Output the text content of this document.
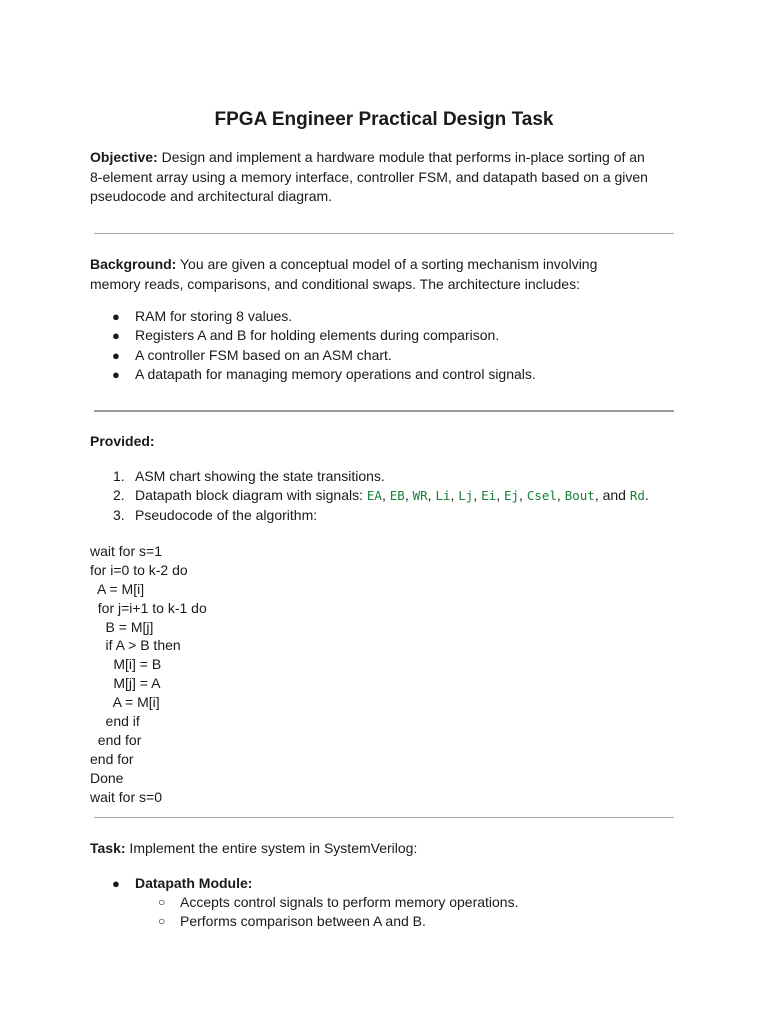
FPGA Engineer Practical Design Task
Objective: Design and implement a hardware module that performs in-place sorting of an 8-element array using a memory interface, controller FSM, and datapath based on a given pseudocode and architectural diagram.
Background: You are given a conceptual model of a sorting mechanism involving memory reads, comparisons, and conditional swaps. The architecture includes:
● RAM for storing 8 values.
● Registers A and B for holding elements during comparison.
● A controller FSM based on an ASM chart.
● A datapath for managing memory operations and control signals.
Provided:
1. ASM chart showing the state transitions.
2. Datapath block diagram with signals: EA, EB, WR, Li, Lj, Ei, Ej, Csel, Bout, and Rd.
3. Pseudocode of the algorithm:
wait for s=1
for i=0 to k-2 do
A = M[i]
for j=i+1 to k-1 do
B = M[j]
if A > B then
M[i] = B
M[j] = A
A = M[i]
end if
end for
end for
Done
wait for s=0
Task: Implement the entire system in SystemVerilog:
● Datapath Module:
○ Accepts control signals to perform memory operations.
○ Performs comparison between A and B.
